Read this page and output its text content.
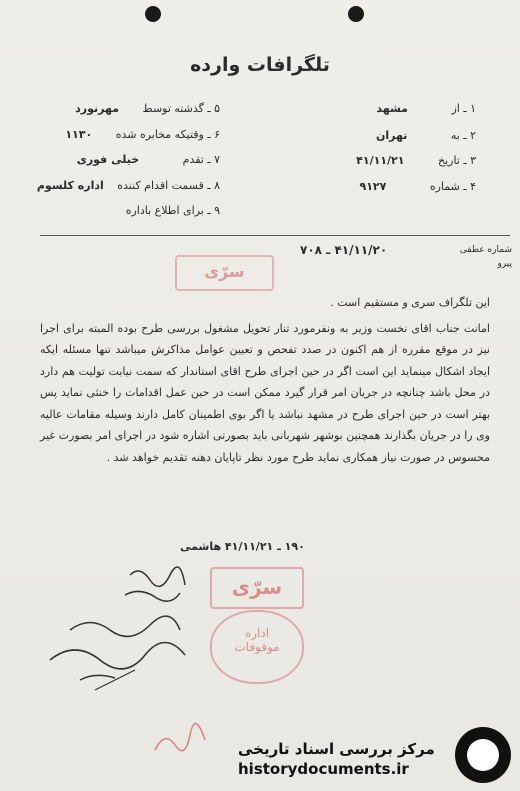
تلگرافات وارده
۱ ـ از مشهد
۲ ـ به تهران
۳ ـ تاریخ ۴۱/۱۱/۲۱
۴ ـ شماره ۹۱۲۷
۵ ـ گذشته توسط مهرنورد
۶ ـ وقتیکه مخابره شده ۱۱۳۰
۷ ـ تقدم خیلی فوری
۸ ـ قسمت اقدام کننده اداره کلسوم
۹ ـ برای اطلاع باداره
شماره عطفی
پیرو
۴۱/۱۱/۲۰ ـ ۷۰۸
سرّی

این تلگراف سری و مستقیم است .

امانت جناب اقای نخست وزیر به ونفرمورد تنار تحویل مشغول بررسی طرح بوده المبته برای اجرا نیز در موقع مقرره از هم اکنون در صدد تفحص و تعیین عوامل مذاکرش میباشد تنها مسئله ایکه ایجاد اشکال مینماید این است اگر در حین اجرای طرح اقای استاندار که سمت نیابت تولیت هم دارد در محل باشد چنانچه در جریان امر قرار گیرد ممکن است در حین عمل اقدامات را خنثی نماید پس بهتر است در حین اجرای طرح در مشهد نباشد یا اگر بوی اطمینان کامل دارند وسیله مقامات عالیه وی را در جریان بگذارند همچنین بوشهر شهربانی باید بصورتی اشاره شود در اجرای امر بصورت غیر محسوس در صورت نیاز همکاری نماید طرح مورد نظر تاپایان دهنه تقدیم خواهد شد .

۱۹۰ ـ ۴۱/۱۱/۲۱ هاشمی
سرّی
اداره
موقوفات
مرکز بررسی اسناد تاریخی
historydocuments.ir
